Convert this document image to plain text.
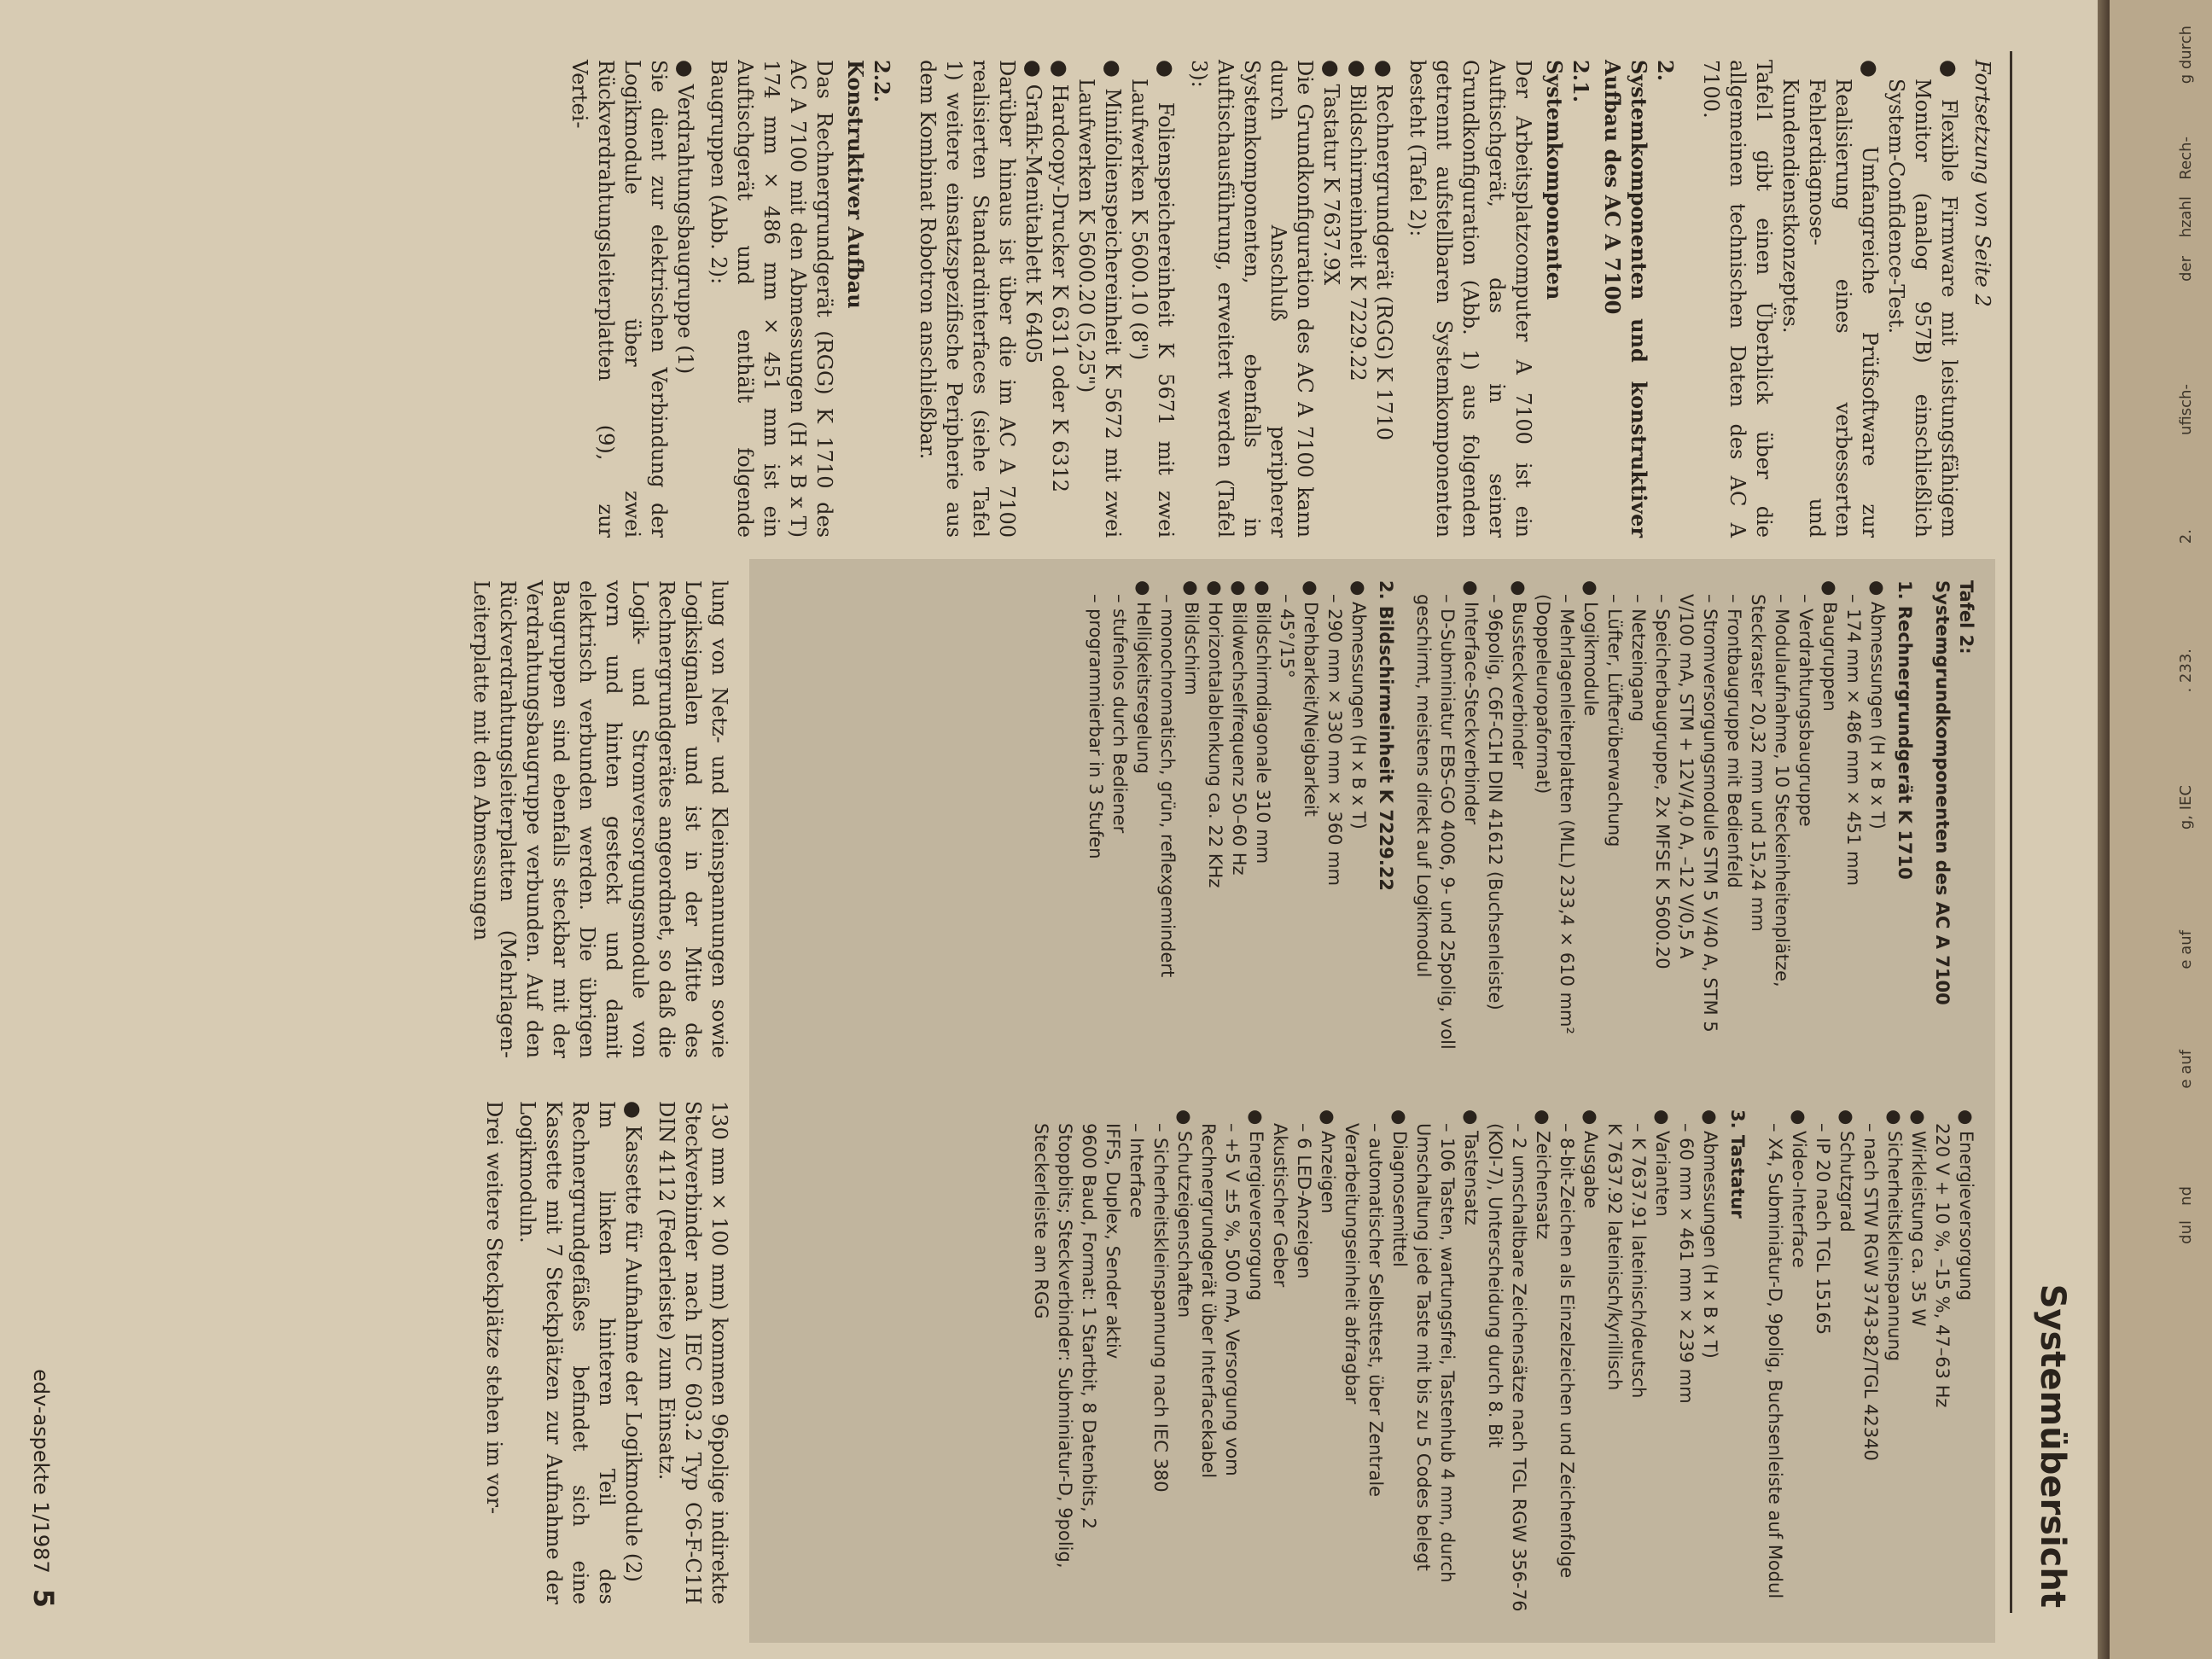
g durch
Rech-
hzahl
der
ufisch-
2.
. 233.
g, IEC
e auf
e auf
nd
dul
Systemübersicht

Fortsetzung von Seite 2

● Flexible Firmware mit leistungsfähigem Monitor (analog 957B) einschließlich System-Confidence-Test.

● Umfangreiche Prüfsoftware zur Realisierung eines verbesserten Fehlerdiagnose- und Kundendienstkonzeptes.

Tafel1 gibt einen Überblick über die allgemeinen technischen Daten des AC A 7100.

2.
Systemkomponenten und konstruktiver Aufbau des AC A 7100
2.1.
Systemkomponenten

Der Arbeitsplatzcomputer A 7100 ist ein Auftischgerät, das in seiner Grundkonfiguration (Abb. 1) aus folgenden getrennt aufstellbaren Systemkomponenten besteht (Tafel 2):

● Rechnergrundgerät (RGG) K 1710

● Bildschirmeinheit K 7229.22

● Tastatur K 7637.9X

Die Grundkonfiguration des AC A 7100 kann durch Anschluß peripherer Systemkomponenten, ebenfalls in Auftischausführung, erweitert werden (Tafel 3):

● Folienspeichereinheit K 5671 mit zwei Laufwerken K 5600.10 (8")

● Minifolienspeichereinheit K 5672 mit zwei Laufwerken K 5600.20 (5,25")

● Hardcopy-Drucker K 6311 oder K 6312

● Grafik-Menütablett K 6405

Darüber hinaus ist über die im AC A 7100 realisierten Standardinterfaces (siehe Tafel 1) weitere einsatzspezifische Peripherie aus dem Kombinat Robotron anschließbar.

2.2.
Konstruktiver Aufbau

Das Rechnergrundgerät (RGG) K 1710 des AC A 7100 mit den Abmessungen (H x B x T) 174 mm × 486 mm × 451 mm ist ein Auftischgerät und enthält folgende Baugruppen (Abb. 2):

● Verdrahtungsbaugruppe (1)

Sie dient zur elektrischen Verbindung der Logikmodule über zwei Rückverdrahtungsleiterplatten (9), zur Vertei-

Tafel 2:
Systemgrundkomponenten des AC A 7100
1. Rechnergrundgerät K 1710

● Abmessungen (H x B x T)

– 174 mm × 486 mm × 451 mm

● Baugruppen

– Verdrahtungsbaugruppe

– Modulaufnahme, 10 Steckeinheitenplätze,

Steckraster 20,32 mm und 15,24 mm

– Frontbaugruppe mit Bedienfeld

– Stromversorgungsmodule STM 5 V/40 A, STM 5 V/100 mA, STM + 12V/4,0 A, –12 V/0,5 A

– Speicherbaugruppe, 2x MFSE K 5600.20

– Netzeingang

– Lüfter, Lüfterüberwachung

● Logikmodule

– Mehrlagenleiterplatten (MLL) 233,4 × 610 mm² (Doppeleuropaformat)

● Bussteckverbinder

– 96polig, C6F-C1H DIN 41612 (Buchsenleiste)

● Interface-Steckverbinder

– D-Subminiatur EBS-GO 4006, 9- und 25polig, voll geschirmt, meistens direkt auf Logikmodul

2. Bildschirmeinheit K 7229.22

● Abmessungen (H x B x T)

– 290 mm × 330 mm × 360 mm

● Drehbarkeit/Neigbarkeit

– 45°/15°

● Bildschirmdiagonale 310 mm

● Bildwechselfrequenz 50–60 Hz

● Horizontalablenkung ca. 22 KHz

● Bildschirm

– monochromatisch, grün, reflexgemindert

● Helligkeitsregelung

– stufenlos durch Bediener

– programmierbar in 3 Stufen

● Energieversorgung

220 V + 10 %, –15 %, 47–63 Hz

● Wirkleistung ca. 35 W

● Sicherheitskleinspannung

– nach STW RGW 3743-82/TGL 42340

● Schutzgrad

– IP 20 nach TGL 15165

● Video-Interface

– X4, Subminiatur-D, 9polig, Buchsenleiste auf Modul

3. Tastatur

● Abmessungen (H x B x T)

– 60 mm × 461 mm × 239 mm

● Varianten

– K 7637.91 lateinisch/deutsch

K 7637.92 lateinisch/kyrillisch

● Ausgabe

– 8-bit-Zeichen als Einzelzeichen und Zeichenfolge

● Zeichensatz

– 2 umschaltbare Zeichensätze nach TGL RGW 356-76 (KOI-7), Unterscheidung durch 8. Bit

● Tastensatz

– 106 Tasten, wartungsfrei, Tastenhub 4 mm, durch Umschaltung jede Taste mit bis zu 5 Codes belegt

● Diagnosemittel

– automatischer Selbsttest, über Zentrale Verarbeitungseinheit abfragbar

● Anzeigen

– 6 LED-Anzeigen

Akustischer Geber

● Energieversorgung

– +5 V ±5 %, 500 mA, Versorgung vom Rechnergrundgerät über Interfacekabel

● Schutzeigenschaften

– Sicherheitskleinspannung nach IEC 380

– Interface

IFFS, Duplex, Sender aktiv

9600 Baud, Format: 1 Startbit, 8 Datenbits, 2 Stoppbits; Steckverbinder: Subminiatur-D, 9polig, Steckerleiste am RGG

lung von Netz- und Kleinspannungen sowie Logiksignalen und ist in der Mitte des Rechnergrundgerätes angeordnet, so daß die Logik- und Stromversorgungsmodule von vorn und hinten gesteckt und damit elektrisch verbunden werden. Die übrigen Baugruppen sind ebenfalls steckbar mit der Verdrahtungsbaugruppe verbunden. Auf den Rückverdrahtungsleiterplatten (Mehrlagen-Leiterplatte mit den Abmessungen

130 mm × 100 mm) kommen 96polige indirekte Steckverbinder nach IEC 603.2 Typ C6-F-C1H DIN 4112 (Federleiste) zum Einsatz.

● Kassette für Aufnahme der Logikmodule (2)

Im linken hinteren Teil des Rechnergrundgefäßes befindet sich eine Kassette mit 7 Steckplätzen zur Aufnahme der Logikmoduln.

Drei weitere Steckplätze stehen im vor-

edv-aspekte 1/19875
